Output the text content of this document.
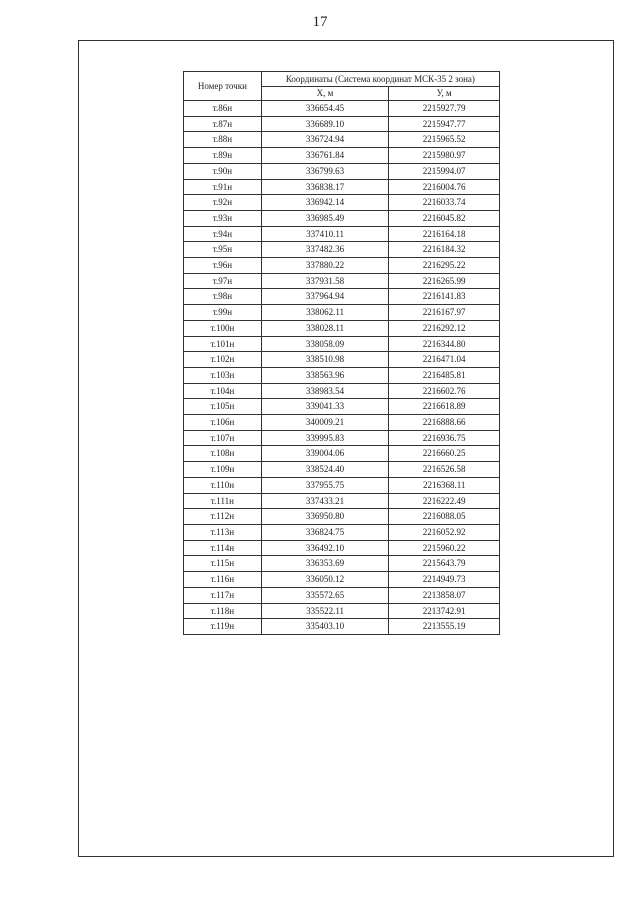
17
Номер точки	Координаты (Система координат МСК-35 2 зона)	
	X, м	У, м
т.86н	336654.45	2215927.79
т.87н	336689.10	2215947.77
т.88н	336724.94	2215965.52
т.89н	336761.84	2215980.97
т.90н	336799.63	2215994.07
т.91н	336838.17	2216004.76
т.92н	336942.14	2216033.74
т.93н	336985.49	2216045.82
т.94н	337410.11	2216164.18
т.95н	337482.36	2216184.32
т.96н	337880.22	2216295.22
т.97н	337931.58	2216265.99
т.98н	337964.94	2216141.83
т.99н	338062.11	2216167.97
т.100н	338028.11	2216292.12
т.101н	338058.09	2216344.80
т.102н	338510.98	2216471.04
т.103н	338563.96	2216485.81
т.104н	338983.54	2216602.76
т.105н	339041.33	2216618.89
т.106н	340009.21	2216888.66
т.107н	339995.83	2216936.75
т.108н	339004.06	2216660.25
т.109н	338524.40	2216526.58
т.110н	337955.75	2216368.11
т.111н	337433.21	2216222.49
т.112н	336950.80	2216088.05
т.113н	336824.75	2216052.92
т.114н	336492.10	2215960.22
т.115н	336353.69	2215643.79
т.116н	336050.12	2214949.73
т.117н	335572.65	2213858.07
т.118н	335522.11	2213742.91
т.119н	335403.10	2213555.19
